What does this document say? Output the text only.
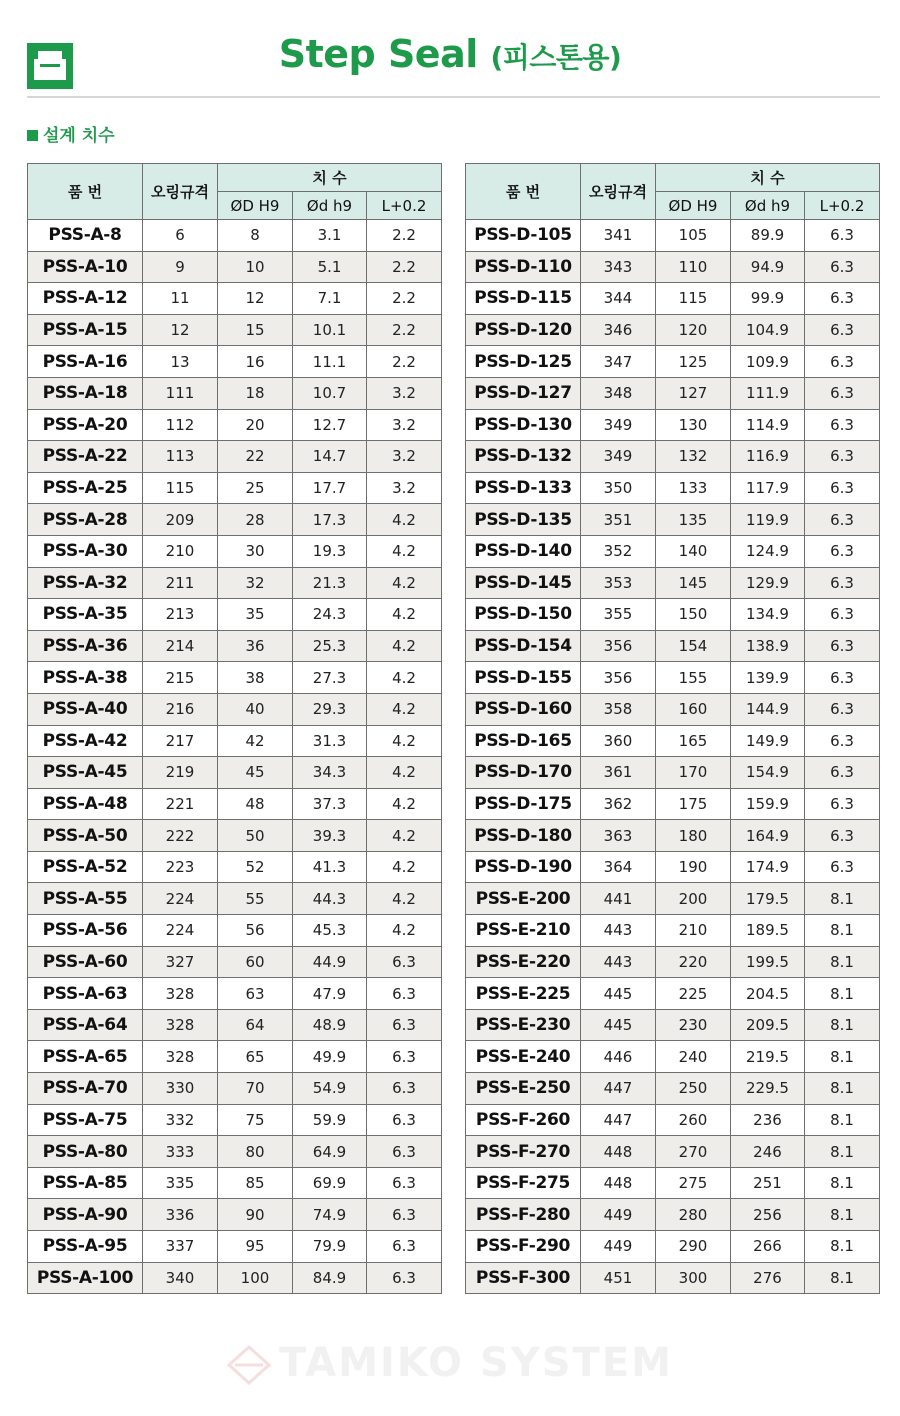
Step Seal (피스톤용)
설계 치수
품 번	오링규격	치 수		
		ØD H9	Ød h9	L+0.2
PSS-A-8	6	8	3.1	2.2
PSS-A-10	9	10	5.1	2.2
PSS-A-12	11	12	7.1	2.2
PSS-A-15	12	15	10.1	2.2
PSS-A-16	13	16	11.1	2.2
PSS-A-18	111	18	10.7	3.2
PSS-A-20	112	20	12.7	3.2
PSS-A-22	113	22	14.7	3.2
PSS-A-25	115	25	17.7	3.2
PSS-A-28	209	28	17.3	4.2
PSS-A-30	210	30	19.3	4.2
PSS-A-32	211	32	21.3	4.2
PSS-A-35	213	35	24.3	4.2
PSS-A-36	214	36	25.3	4.2
PSS-A-38	215	38	27.3	4.2
PSS-A-40	216	40	29.3	4.2
PSS-A-42	217	42	31.3	4.2
PSS-A-45	219	45	34.3	4.2
PSS-A-48	221	48	37.3	4.2
PSS-A-50	222	50	39.3	4.2
PSS-A-52	223	52	41.3	4.2
PSS-A-55	224	55	44.3	4.2
PSS-A-56	224	56	45.3	4.2
PSS-A-60	327	60	44.9	6.3
PSS-A-63	328	63	47.9	6.3
PSS-A-64	328	64	48.9	6.3
PSS-A-65	328	65	49.9	6.3
PSS-A-70	330	70	54.9	6.3
PSS-A-75	332	75	59.9	6.3
PSS-A-80	333	80	64.9	6.3
PSS-A-85	335	85	69.9	6.3
PSS-A-90	336	90	74.9	6.3
PSS-A-95	337	95	79.9	6.3
PSS-A-100	340	100	84.9	6.3
품 번	오링규격	치 수		
		ØD H9	Ød h9	L+0.2
PSS-D-105	341	105	89.9	6.3
PSS-D-110	343	110	94.9	6.3
PSS-D-115	344	115	99.9	6.3
PSS-D-120	346	120	104.9	6.3
PSS-D-125	347	125	109.9	6.3
PSS-D-127	348	127	111.9	6.3
PSS-D-130	349	130	114.9	6.3
PSS-D-132	349	132	116.9	6.3
PSS-D-133	350	133	117.9	6.3
PSS-D-135	351	135	119.9	6.3
PSS-D-140	352	140	124.9	6.3
PSS-D-145	353	145	129.9	6.3
PSS-D-150	355	150	134.9	6.3
PSS-D-154	356	154	138.9	6.3
PSS-D-155	356	155	139.9	6.3
PSS-D-160	358	160	144.9	6.3
PSS-D-165	360	165	149.9	6.3
PSS-D-170	361	170	154.9	6.3
PSS-D-175	362	175	159.9	6.3
PSS-D-180	363	180	164.9	6.3
PSS-D-190	364	190	174.9	6.3
PSS-E-200	441	200	179.5	8.1
PSS-E-210	443	210	189.5	8.1
PSS-E-220	443	220	199.5	8.1
PSS-E-225	445	225	204.5	8.1
PSS-E-230	445	230	209.5	8.1
PSS-E-240	446	240	219.5	8.1
PSS-E-250	447	250	229.5	8.1
PSS-F-260	447	260	236	8.1
PSS-F-270	448	270	246	8.1
PSS-F-275	448	275	251	8.1
PSS-F-280	449	280	256	8.1
PSS-F-290	449	290	266	8.1
PSS-F-300	451	300	276	8.1
TAMIKO SYSTEM
